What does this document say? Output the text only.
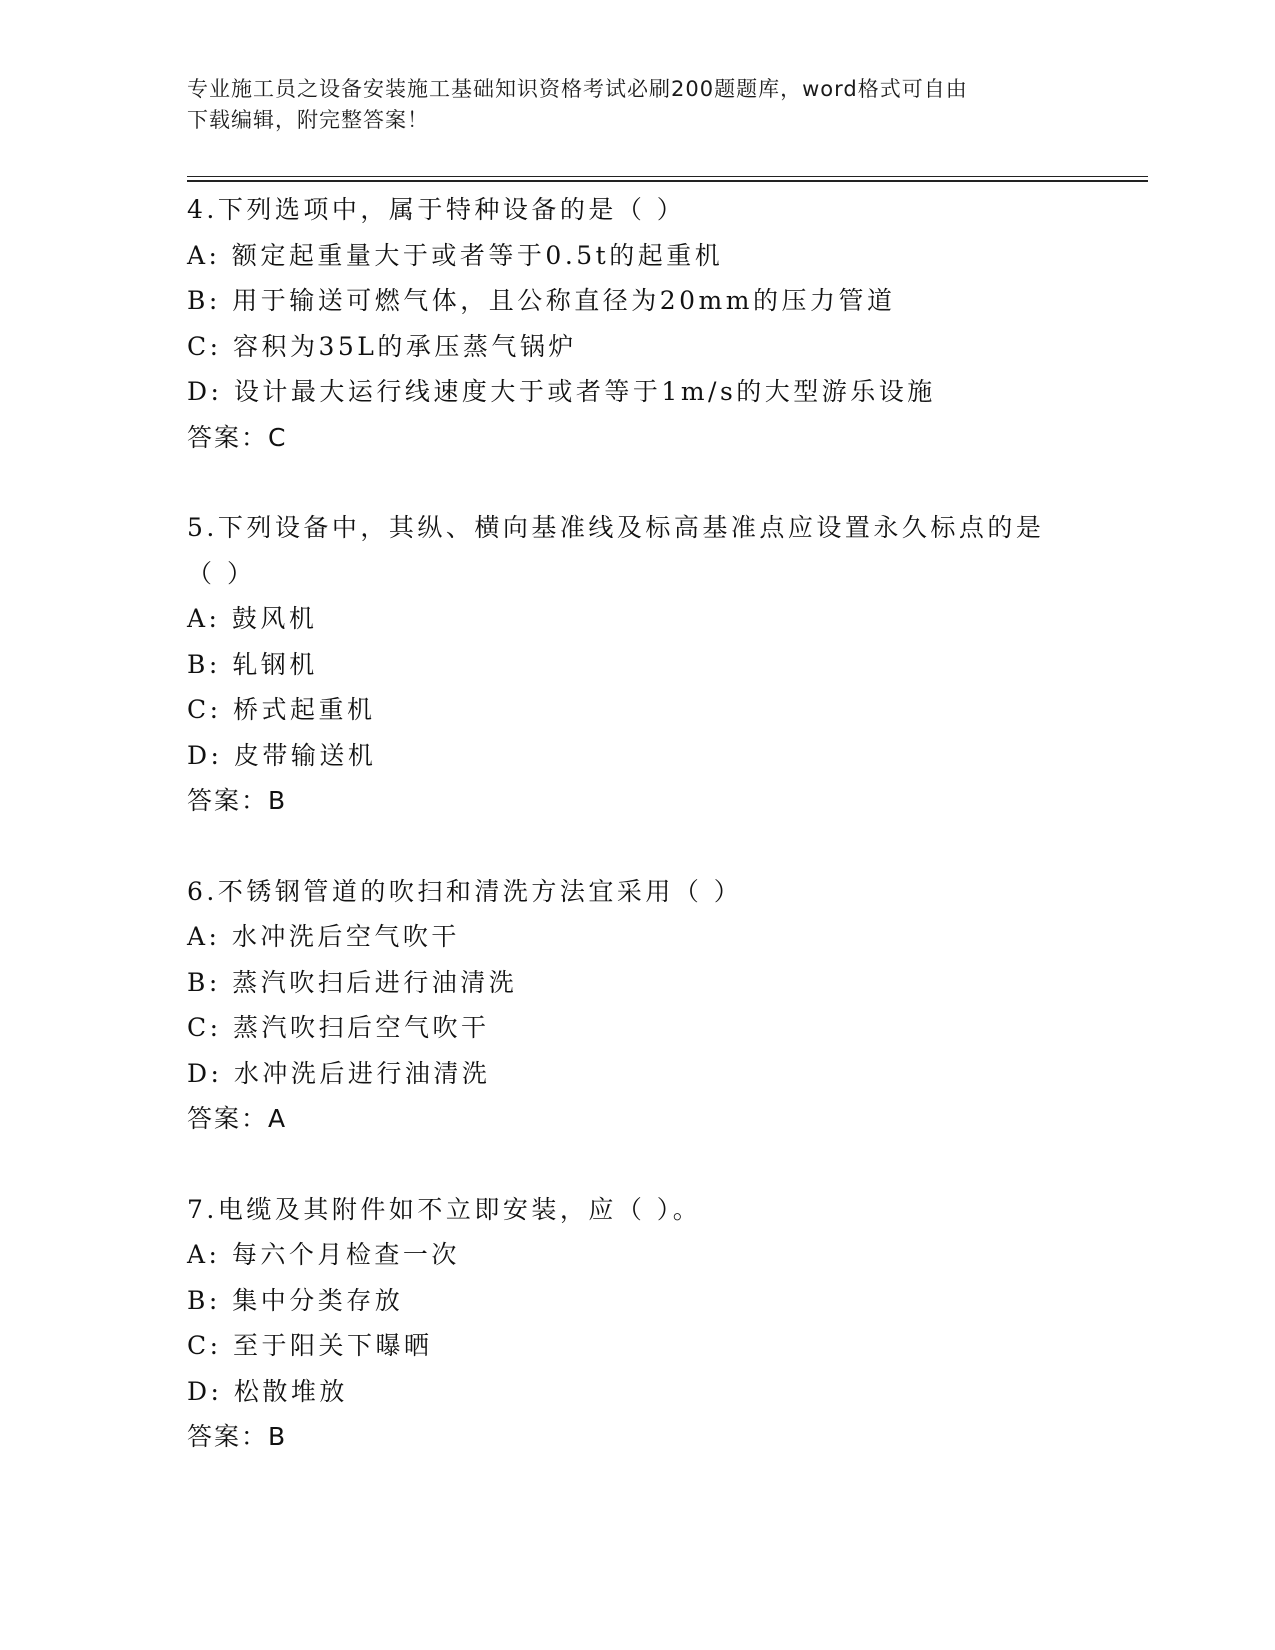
专业施工员之设备安装施工基础知识资格考试必刷200题题库，word格式可自由
下载编辑，附完整答案！
4.下列选项中，属于特种设备的是（ ）
A: 额定起重量大于或者等于0.5t的起重机
B: 用于输送可燃气体，且公称直径为20mm的压力管道
C: 容积为35L的承压蒸气锅炉
D: 设计最大运行线速度大于或者等于1m/s的大型游乐设施
答案：C
5.下列设备中，其纵、横向基准线及标高基准点应设置永久标点的是
（ ）
A: 鼓风机
B: 轧钢机
C: 桥式起重机
D: 皮带输送机
答案：B
6.不锈钢管道的吹扫和清洗方法宜采用（ ）
A: 水冲洗后空气吹干
B: 蒸汽吹扫后进行油清洗
C: 蒸汽吹扫后空气吹干
D: 水冲洗后进行油清洗
答案：A
7.电缆及其附件如不立即安装，应（ ）。
A: 每六个月检查一次
B: 集中分类存放
C: 至于阳关下曝晒
D: 松散堆放
答案：B
